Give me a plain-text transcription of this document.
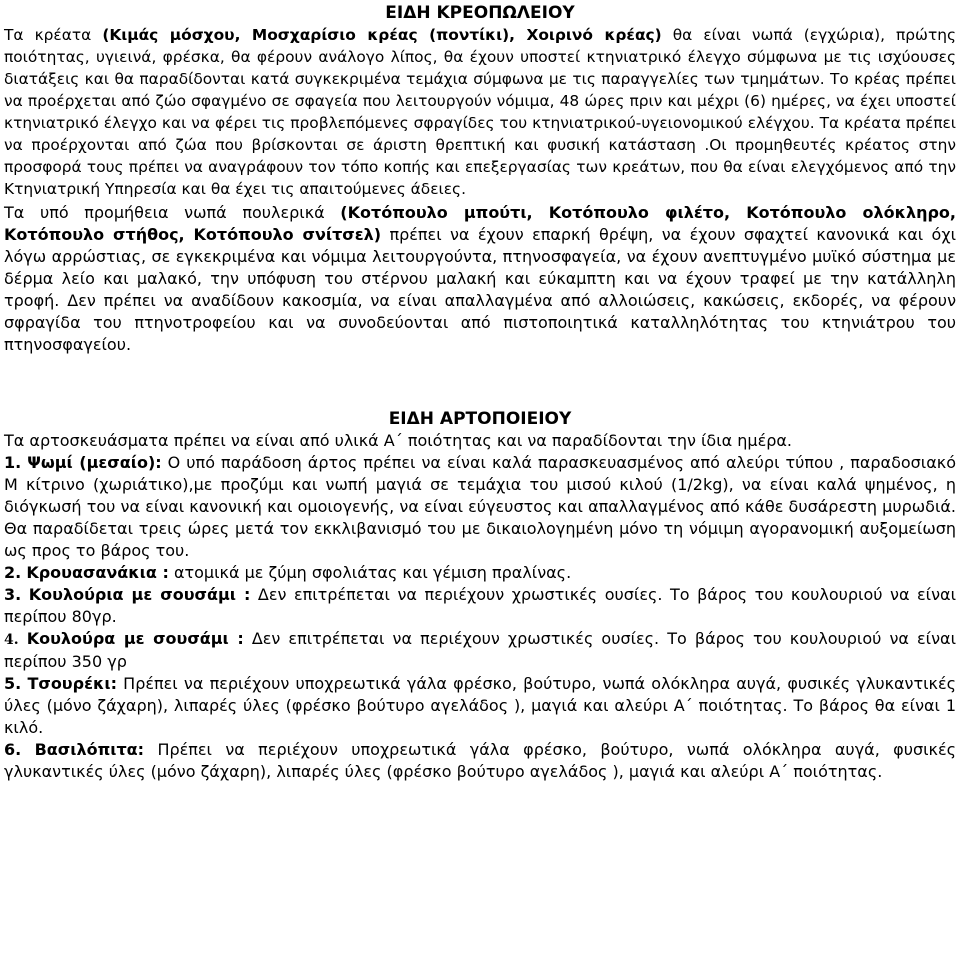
ΕΙΔΗ ΚΡΕΟΠΩΛΕΙΟΥ

Τα κρέατα (Κιμάς μόσχου, Μοσχαρίσιο κρέας (ποντίκι), Χοιρινό κρέας) θα είναι νωπά (εγχώρια), πρώτης ποιότητας, υγιεινά, φρέσκα, θα φέρουν ανάλογο λίπος, θα έχουν υποστεί κτηνιατρικό έλεγχο σύμφωνα με τις ισχύουσες διατάξεις και θα παραδίδονται κατά συγκεκριμένα τεμάχια σύμφωνα με τις παραγγελίες των τμημάτων. Το κρέας πρέπει να προέρχεται από ζώο σφαγμένο σε σφαγεία που λειτουργούν νόμιμα, 48 ώρες πριν και μέχρι (6) ημέρες, να έχει υποστεί κτηνιατρικό έλεγχο και να φέρει τις προβλεπόμενες σφραγίδες του κτηνιατρικού-υγειονομικού ελέγχου. Τα κρέατα πρέπει να προέρχονται από ζώα που βρίσκονται σε άριστη θρεπτική και φυσική κατάσταση .Οι προμηθευτές κρέατος στην προσφορά τους πρέπει να αναγράφουν τον τόπο κοπής και επεξεργασίας των κρεάτων, που θα είναι ελεγχόμενος από την Κτηνιατρική Υπηρεσία και θα έχει τις απαιτούμενες άδειες.

Τα υπό προμήθεια νωπά πουλερικά (Κοτόπουλο μπούτι, Κοτόπουλο φιλέτο, Κοτόπουλο ολόκληρο, Κοτόπουλο στήθος, Κοτόπουλο σνίτσελ) πρέπει να έχουν επαρκή θρέψη, να έχουν σφαχτεί κανονικά και όχι λόγω αρρώστιας, σε εγκεκριμένα και νόμιμα λειτουργούντα, πτηνοσφαγεία, να έχουν ανεπτυγμένο μυϊκό σύστημα με δέρμα λείο και μαλακό, την υπόφυση του στέρνου μαλακή και εύκαμπτη και να έχουν τραφεί με την κατάλληλη τροφή. Δεν πρέπει να αναδίδουν κακοσμία, να είναι απαλλαγμένα από αλλοιώσεις, κακώσεις, εκδορές, να φέρουν σφραγίδα του πτηνοτροφείου και να συνοδεύονται από πιστοποιητικά καταλληλότητας του κτηνιάτρου του πτηνοσφαγείου.

ΕΙΔΗ ΑΡΤΟΠΟΙΕΙΟΥ

Τα αρτοσκευάσματα πρέπει να είναι από υλικά Α΄ ποιότητας και να παραδίδονται την ίδια ημέρα.

1. Ψωμί (μεσαίο): Ο υπό παράδοση άρτος πρέπει να είναι καλά παρασκευασμένος από αλεύρι τύπου , παραδοσιακό Μ κίτρινο (χωριάτικο),με προζύμι και νωπή μαγιά σε τεμάχια του μισού κιλού (1/2kg), να είναι καλά ψημένος, η διόγκωσή του να είναι κανονική και ομοιογενής, να είναι εύγευστος και απαλλαγμένος από κάθε δυσάρεστη μυρωδιά. Θα παραδίδεται τρεις ώρες μετά τον εκκλιβανισμό του με δικαιολογημένη μόνο τη νόμιμη αγορανομική αυξομείωση ως προς το βάρος του.

2. Κρουασανάκια : ατομικά με ζύμη σφολιάτας και γέμιση πραλίνας.

3. Κουλούρια με σουσάμι : Δεν επιτρέπεται να περιέχουν χρωστικές ουσίες. Το βάρος του κουλουριού να είναι περίπου 80γρ.

4. Κουλούρα με σουσάμι : Δεν επιτρέπεται να περιέχουν χρωστικές ουσίες. Το βάρος του κουλουριού να είναι περίπου 350 γρ

5. Τσουρέκι: Πρέπει να περιέχουν υποχρεωτικά γάλα φρέσκο, βούτυρο, νωπά ολόκληρα αυγά, φυσικές γλυκαντικές ύλες (μόνο ζάχαρη), λιπαρές ύλες (φρέσκο βούτυρο αγελάδος ), μαγιά και αλεύρι Α΄ ποιότητας. Το βάρος θα είναι 1 κιλό.

6. Βασιλόπιτα: Πρέπει να περιέχουν υποχρεωτικά γάλα φρέσκο, βούτυρο, νωπά ολόκληρα αυγά, φυσικές γλυκαντικές ύλες (μόνο ζάχαρη), λιπαρές ύλες (φρέσκο βούτυρο αγελάδος ), μαγιά και αλεύρι Α΄ ποιότητας.
